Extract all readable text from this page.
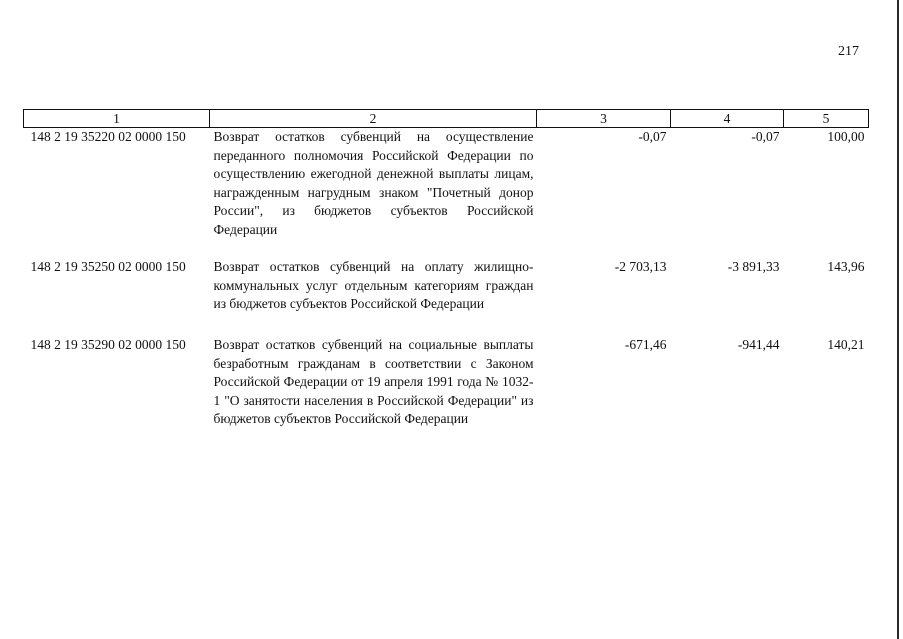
217
1	2	3	4	5
148 2 19 35220 02 0000 150	Возврат остатков субвенций на осуществление переданного полномочия Российской Федерации по осуществлению ежегодной денежной выплаты лицам, награжденным нагрудным знаком "Почетный донор России", из бюджетов субъектов Российской Федерации	-0,07	-0,07	100,00
148 2 19 35250 02 0000 150	Возврат остатков субвенций на оплату жилищно-коммунальных услуг отдельным категориям граждан из бюджетов субъектов Российской Федерации	-2 703,13	-3 891,33	143,96
148 2 19 35290 02 0000 150	Возврат остатков субвенций на социальные выплаты безработным гражданам в соответствии с Законом Российской Федерации от 19 апреля 1991 года № 1032-1 "О занятости населения в Российской Федерации" из бюджетов субъектов Российской Федерации	-671,46	-941,44	140,21
